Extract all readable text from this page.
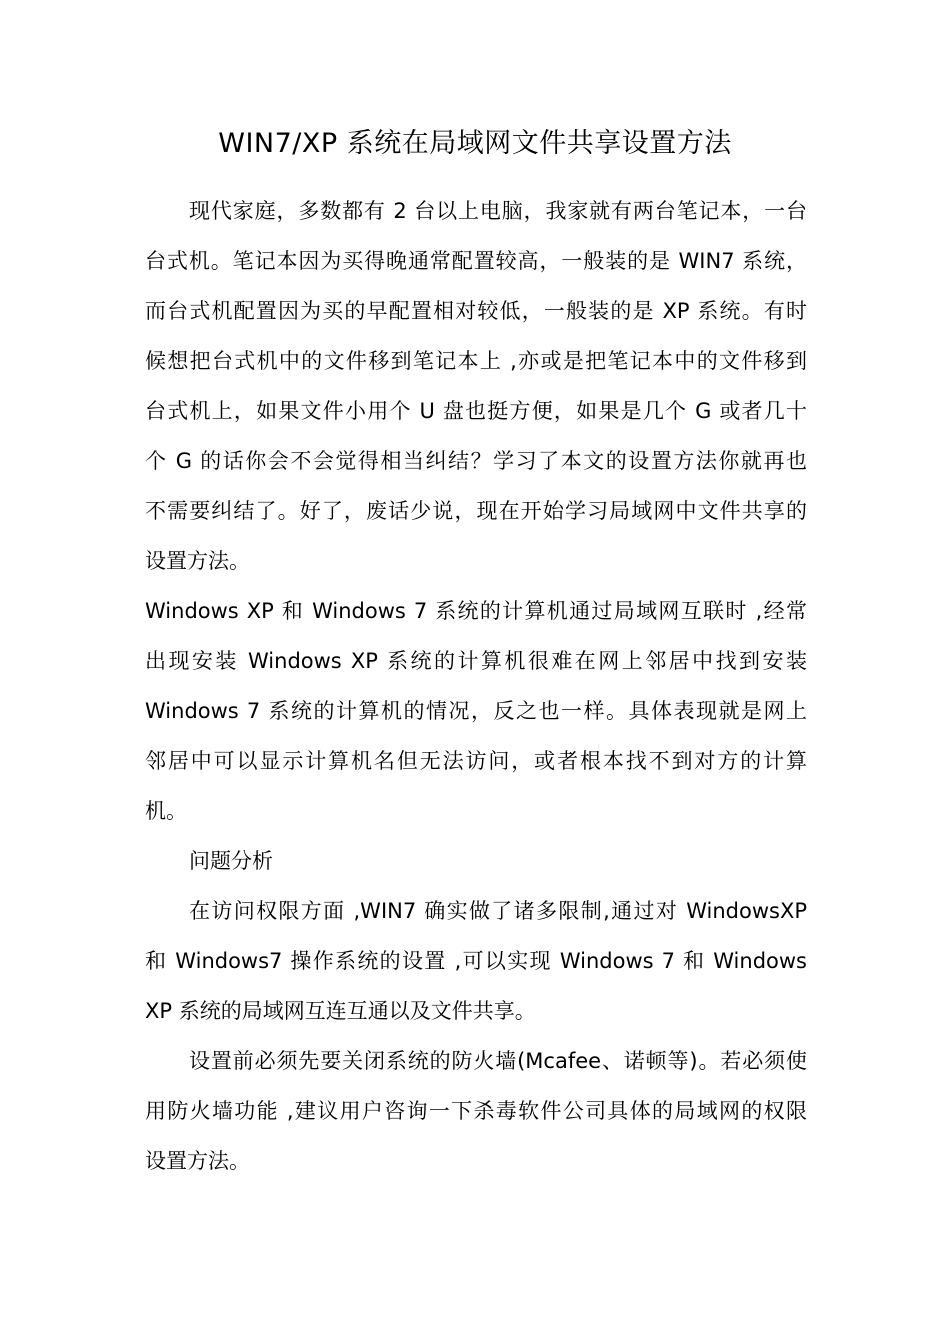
WIN7/XP 系统在局域网文件共享设置方法
现代家庭，多数都有 2 台以上电脑，我家就有两台笔记本，一台
台式机。笔记本因为买得晚通常配置较高，一般装的是 WIN7 系统，
而台式机配置因为买的早配置相对较低，一般装的是 XP 系统。有时
候想把台式机中的文件移到笔记本上 ,亦或是把笔记本中的文件移到
台式机上，如果文件小用个 U 盘也挺方便，如果是几个 G 或者几十
个 G 的话你会不会觉得相当纠结？学习了本文的设置方法你就再也
不需要纠结了。好了，废话少说，现在开始学习局域网中文件共享的
设置方法。
Windows XP 和 Windows 7 系统的计算机通过局域网互联时 ,经常
出现安装 Windows XP 系统的计算机很难在网上邻居中找到安装
Windows 7 系统的计算机的情况，反之也一样。具体表现就是网上
邻居中可以显示计算机名但无法访问，或者根本找不到对方的计算
机。
问题分析
在访问权限方面 ,WIN7 确实做了诸多限制,通过对 WindowsXP
和 Windows7 操作系统的设置 ,可以实现 Windows 7 和 Windows
XP 系统的局域网互连互通以及文件共享。
设置前必须先要关闭系统的防火墙(Mcafee、诺顿等)。若必须使
用防火墙功能 ,建议用户咨询一下杀毒软件公司具体的局域网的权限
设置方法。
